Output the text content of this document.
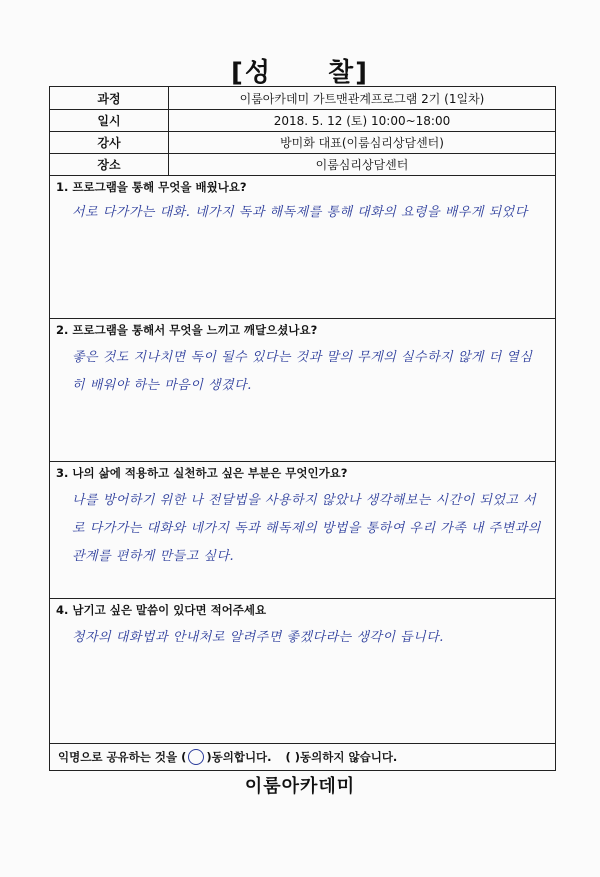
[성 찰]
과정	이룸아카데미 가트맨관계프로그램 2기 (1일차)
일시	2018. 5. 12 (토) 10:00~18:00
강사	방미화 대표(이룸심리상담센터)
장소	이룸심리상담센터
1. 프로그램을 통해 무엇을 배웠나요?
서로 다가가는 대화. 네가지 독과 해독제를 통해 대화의 요령을 배우게 되었다
2. 프로그램을 통해서 무엇을 느끼고 깨달으셨나요?
좋은 것도 지나치면 독이 될수 있다는 것과 말의 무게의 실수하지 않게 더 열심히 배워야 하는 마음이 생겼다.
3. 나의 삶에 적용하고 실천하고 싶은 부분은 무엇인가요?
나를 방어하기 위한 나 전달법을 사용하지 않았나 생각해보는 시간이 되었고 서로 다가가는 대화와 네가지 독과 해독제의 방법을 통하여 우리 가족 내 주변과의 관계를 편하게 만들고 싶다.
4. 남기고 싶은 말씀이 있다면 적어주세요
청자의 대화법과 안내처로 알려주면 좋겠다라는 생각이 듭니다.
익명으로 공유하는 것을 ( )동의합니다. ( )동의하지 않습니다.
이룸아카데미
